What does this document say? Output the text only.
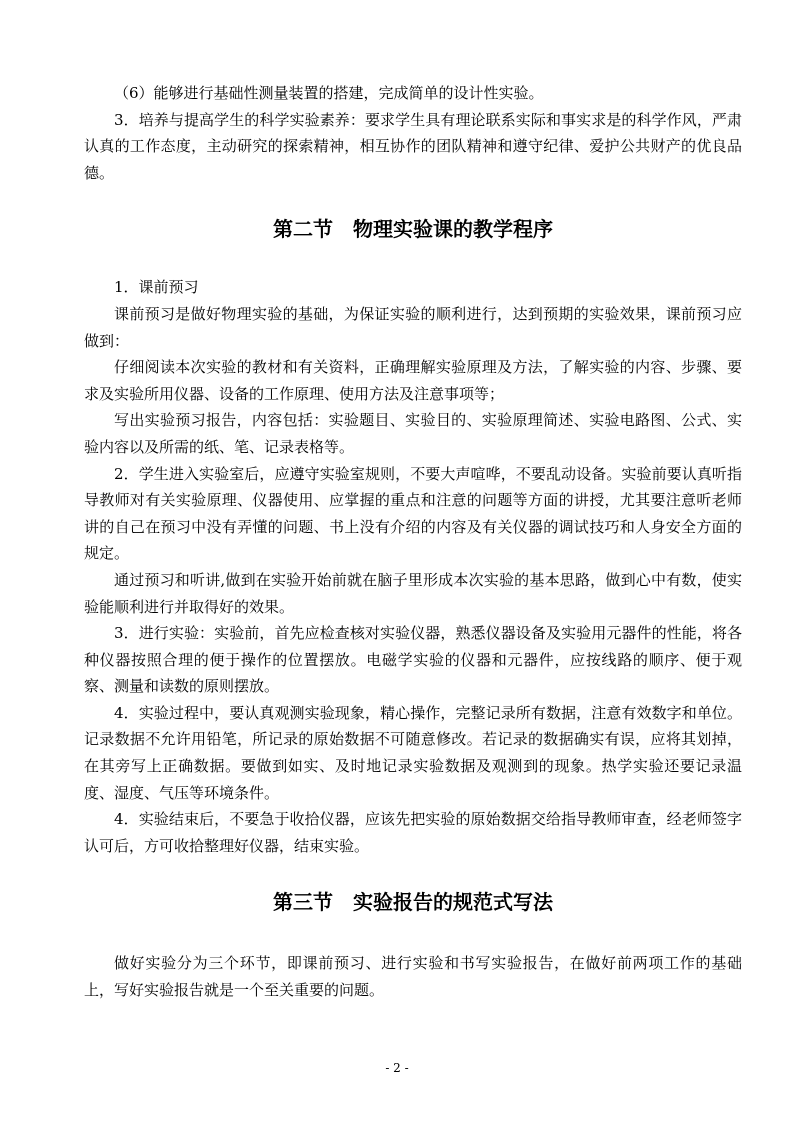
（6）能够进行基础性测量装置的搭建，完成简单的设计性实验。

3．培养与提高学生的科学实验素养：要求学生具有理论联系实际和事实求是的科学作风，严肃认真的工作态度，主动研究的探索精神，相互协作的团队精神和遵守纪律、爱护公共财产的优良品德。

第二节　物理实验课的教学程序

1．课前预习

课前预习是做好物理实验的基础，为保证实验的顺利进行，达到预期的实验效果，课前预习应做到：

仔细阅读本次实验的教材和有关资料，正确理解实验原理及方法，了解实验的内容、步骤、要求及实验所用仪器、设备的工作原理、使用方法及注意事项等；

写出实验预习报告，内容包括：实验题目、实验目的、实验原理简述、实验电路图、公式、实验内容以及所需的纸、笔、记录表格等。

2．学生进入实验室后，应遵守实验室规则，不要大声喧哗，不要乱动设备。实验前要认真听指导教师对有关实验原理、仪器使用、应掌握的重点和注意的问题等方面的讲授，尤其要注意听老师讲的自己在预习中没有弄懂的问题、书上没有介绍的内容及有关仪器的调试技巧和人身安全方面的规定。

通过预习和听讲,做到在实验开始前就在脑子里形成本次实验的基本思路，做到心中有数，使实验能顺利进行并取得好的效果。

3．进行实验：实验前，首先应检查核对实验仪器，熟悉仪器设备及实验用元器件的性能，将各种仪器按照合理的便于操作的位置摆放。电磁学实验的仪器和元器件，应按线路的顺序、便于观察、测量和读数的原则摆放。

4．实验过程中，要认真观测实验现象，精心操作，完整记录所有数据，注意有效数字和单位。记录数据不允许用铅笔，所记录的原始数据不可随意修改。若记录的数据确实有误，应将其划掉，在其旁写上正确数据。要做到如实、及时地记录实验数据及观测到的现象。热学实验还要记录温度、湿度、气压等环境条件。

4．实验结束后，不要急于收拾仪器，应该先把实验的原始数据交给指导教师审查，经老师签字认可后，方可收拾整理好仪器，结束实验。

第三节　实验报告的规范式写法

做好实验分为三个环节，即课前预习、进行实验和书写实验报告，在做好前两项工作的基础上，写好实验报告就是一个至关重要的问题。

- 2 -
